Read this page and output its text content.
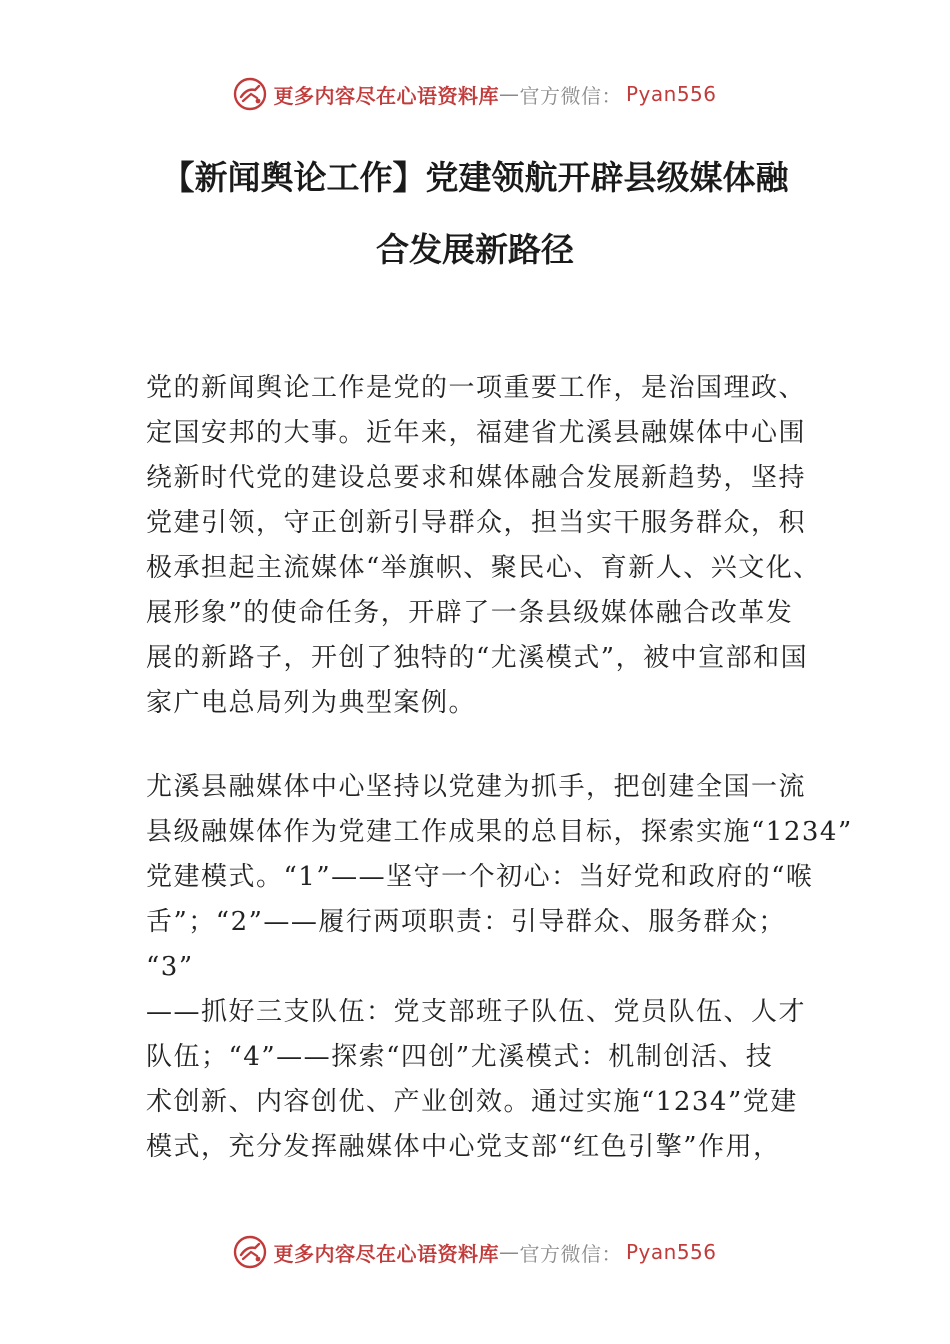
更多内容尽在心语资料库 — 官方微信： Pyan556
【新闻舆论工作】党建领航开辟县级媒体融
合发展新路径
党的新闻舆论工作是党的一项重要工作，是治国理政、
定国安邦的大事。近年来，福建省尤溪县融媒体中心围
绕新时代党的建设总要求和媒体融合发展新趋势，坚持
党建引领，守正创新引导群众，担当实干服务群众，积
极承担起主流媒体“举旗帜、聚民心、育新人、兴文化、
展形象”的使命任务，开辟了一条县级媒体融合改革发
展的新路子，开创了独特的“尤溪模式”，被中宣部和国
家广电总局列为典型案例。
尤溪县融媒体中心坚持以党建为抓手，把创建全国一流
县级融媒体作为党建工作成果的总目标，探索实施“1234”
党建模式。“1”——坚守一个初心：当好党和政府的“喉
舌”；“2”——履行两项职责：引导群众、服务群众；
“3”
——抓好三支队伍：党支部班子队伍、党员队伍、人才
队伍；“4”——探索“四创”尤溪模式：机制创活、技
术创新、内容创优、产业创效。通过实施“1234”党建
模式，充分发挥融媒体中心党支部“红色引擎”作用，
更多内容尽在心语资料库 — 官方微信： Pyan556
